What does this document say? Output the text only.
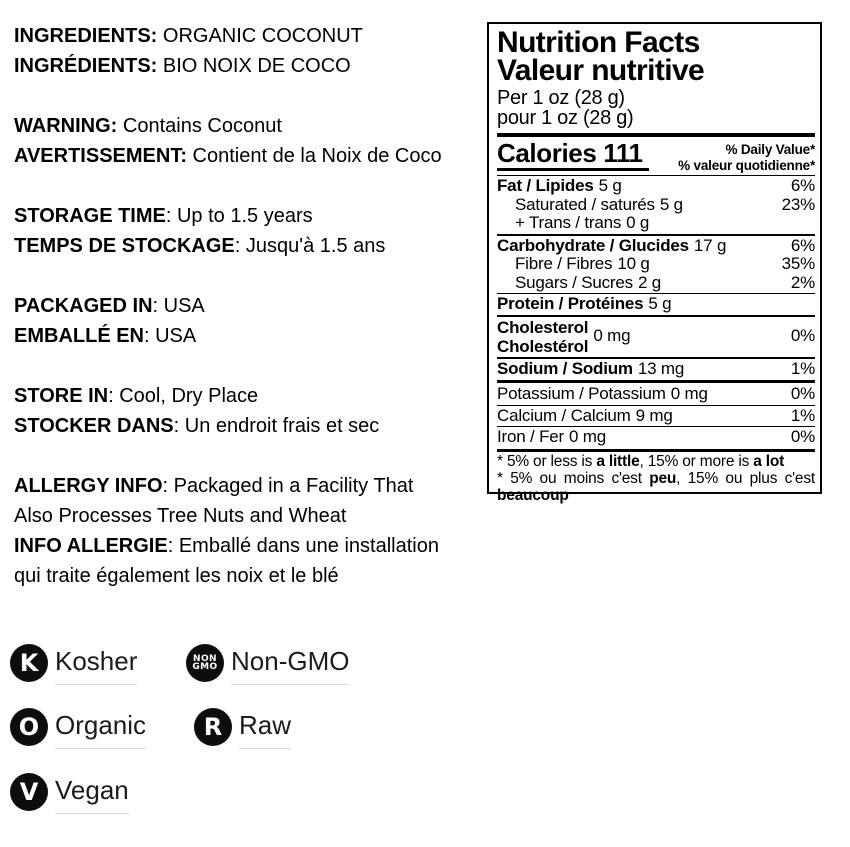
INGREDIENTS: ORGANIC COCONUT
INGRÉDIENTS: BIO NOIX DE COCO
WARNING: Contains Coconut
AVERTISSEMENT: Contient de la Noix de Coco
STORAGE TIME: Up to 1.5 years
TEMPS DE STOCKAGE: Jusqu'à 1.5 ans
PACKAGED IN: USA
EMBALLÉ EN: USA
STORE IN: Cool, Dry Place
STOCKER DANS: Un endroit frais et sec
ALLERGY INFO: Packaged in a Facility That
Also Processes Tree Nuts and Wheat
INFO ALLERGIE: Emballé dans une installation
qui traite également les noix et le blé
Nutrition Facts
Valeur nutritive
Per 1 oz (28 g)
pour 1 oz (28 g)
Calories 111	% Daily Value*
% valeur quotidienne*
Fat / Lipides 5 g	6%
Saturated / saturés 5 g	23%
+ Trans / trans 0 g
Carbohydrate / Glucides 17 g	6%
Fibre / Fibres 10 g	35%
Sugars / Sucres 2 g	2%
Protein / Protéines 5 g
Cholesterol
Cholestérol
0 mg	0%
Sodium / Sodium 13 mg	1%
Potassium / Potassium 0 mg	0%
Calcium / Calcium 9 mg	1%
Iron / Fer 0 mg	0%
* 5% or less is a little, 15% or more is a lot
* 5% ou moins c'est peu, 15% ou plus c'est beaucoup
K Kosher	NON
GMO Non-GMO
O Organic R Raw
V Vegan
